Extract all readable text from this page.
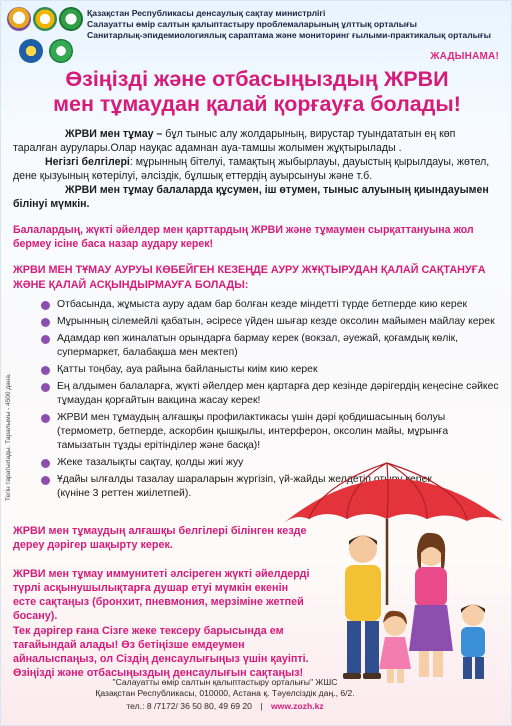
Қазақстан Республикасы денсаулық сақтау министрлігі
Салауатты өмір салтын қалыптастыру проблемаларының ұлттық орталығы
Санитарлық-эпидемиологиялық сараптама және мониторинг ғылыми-практикалық орталығы
ЖАДЫНАМА!
Өзіңізді және отбасыңыздың ЖРВИ
мен тұмаудан қалай қорғауға болады!
ЖРВИ мен тұмау – бұл тыныс алу жолдарының, вирустар туындататын ең көп таралған аурулары.Олар науқас адамнан ауа-тамшы жолымен жұқтырылады .
Негізгі белгілері: мұрынның бітелуі, тамақтың жыбырлауы, дауыстың қырылдауы, жөтел, дене қызуының көтерілуі, әлсіздік, бұлшық еттердің ауырсынуы және т.б.
ЖРВИ мен тұмау балаларда құсумен, іш өтумен, тыныс алуының қиындауымен білінуі мүмкін.
Балалардың, жүкті әйелдер мен қарттардың ЖРВИ және тұмаумен сырқаттануына жол бермеу ісіне баса назар аудару керек!
ЖРВИ МЕН ТҰМАУ АУРУЫ КӨБЕЙГЕН КЕЗЕҢДЕ АУРУ ЖҰҚТЫРУДАН ҚАЛАЙ САҚТАНУҒА ЖӘНЕ ҚАЛАЙ АСҚЫНДЫРМАУҒА БОЛАДЫ:
Тегін таратылады. Таралымы - 4500 дана.
Отбасында, жұмыста ауру адам бар болған кезде міндетті түрде бетперде кию керек
Мұрынның сілемейлі қабатын, әсіресе үйден шығар кезде оксолин майымен майлау керек
Адамдар көп жиналатын орындарға бармау керек (вокзал, әуежай, қоғамдық көлік, супермаркет, балабақша мен мектеп)
Қатты тоңбау, ауа райына байланысты киім кию керек
Ең алдымен балаларға, жүкті әйелдер мен қартарға дер кезінде дәрігердің кеңесіне сәйкес тұмаудан қорғайтын вакцина жасау керек!
ЖРВИ мен тұмаудың алғашқы профилактикасы үшін дәрі қобдишасының болуы (термометр, бетперде, аскорбин қышқылы, интерферон, оксолин майы, мұрынға тамызатын тұзды ерітінділер және басқа)!
Жеке тазалықты сақтау, қолды жиі жуу
Ұдайы ылғалды тазалау шараларын жүргізіп, үй-жайды желдетіп отыру керек (күніне 3 реттен жиілетпей).
ЖРВИ мен тұмаудың алғашқы белгілері білінген кезде дереу дәрігер шақырту керек.
ЖРВИ мен тұмау иммунитеті әлсіреген жүкті әйелдерді түрлі асқынушылықтарға душар етуі мүмкін екенін есте сақтаңыз (бронхит, пневмония, мерзіміне жетпей босану).
Тек дәрігер ғана Сізге жеке тексеру барысында ем тағайындай алады! Өз бетіңізше емдеумен айналыспаңыз, ол Сіздің денсаулығыңыз үшін қауіпті. Өзіңізді және отбасыңыздың денсаулығын сақтаңыз!
"Салауатты өмір салтын қалыптастыру орталығы" ЖШС
Қазақстан Республикасы, 010000, Астана қ. Тәуелсіздік даң., 6/2.
тел.: 8 /7172/ 36 50 80, 49 69 20 | www.zozh.kz
